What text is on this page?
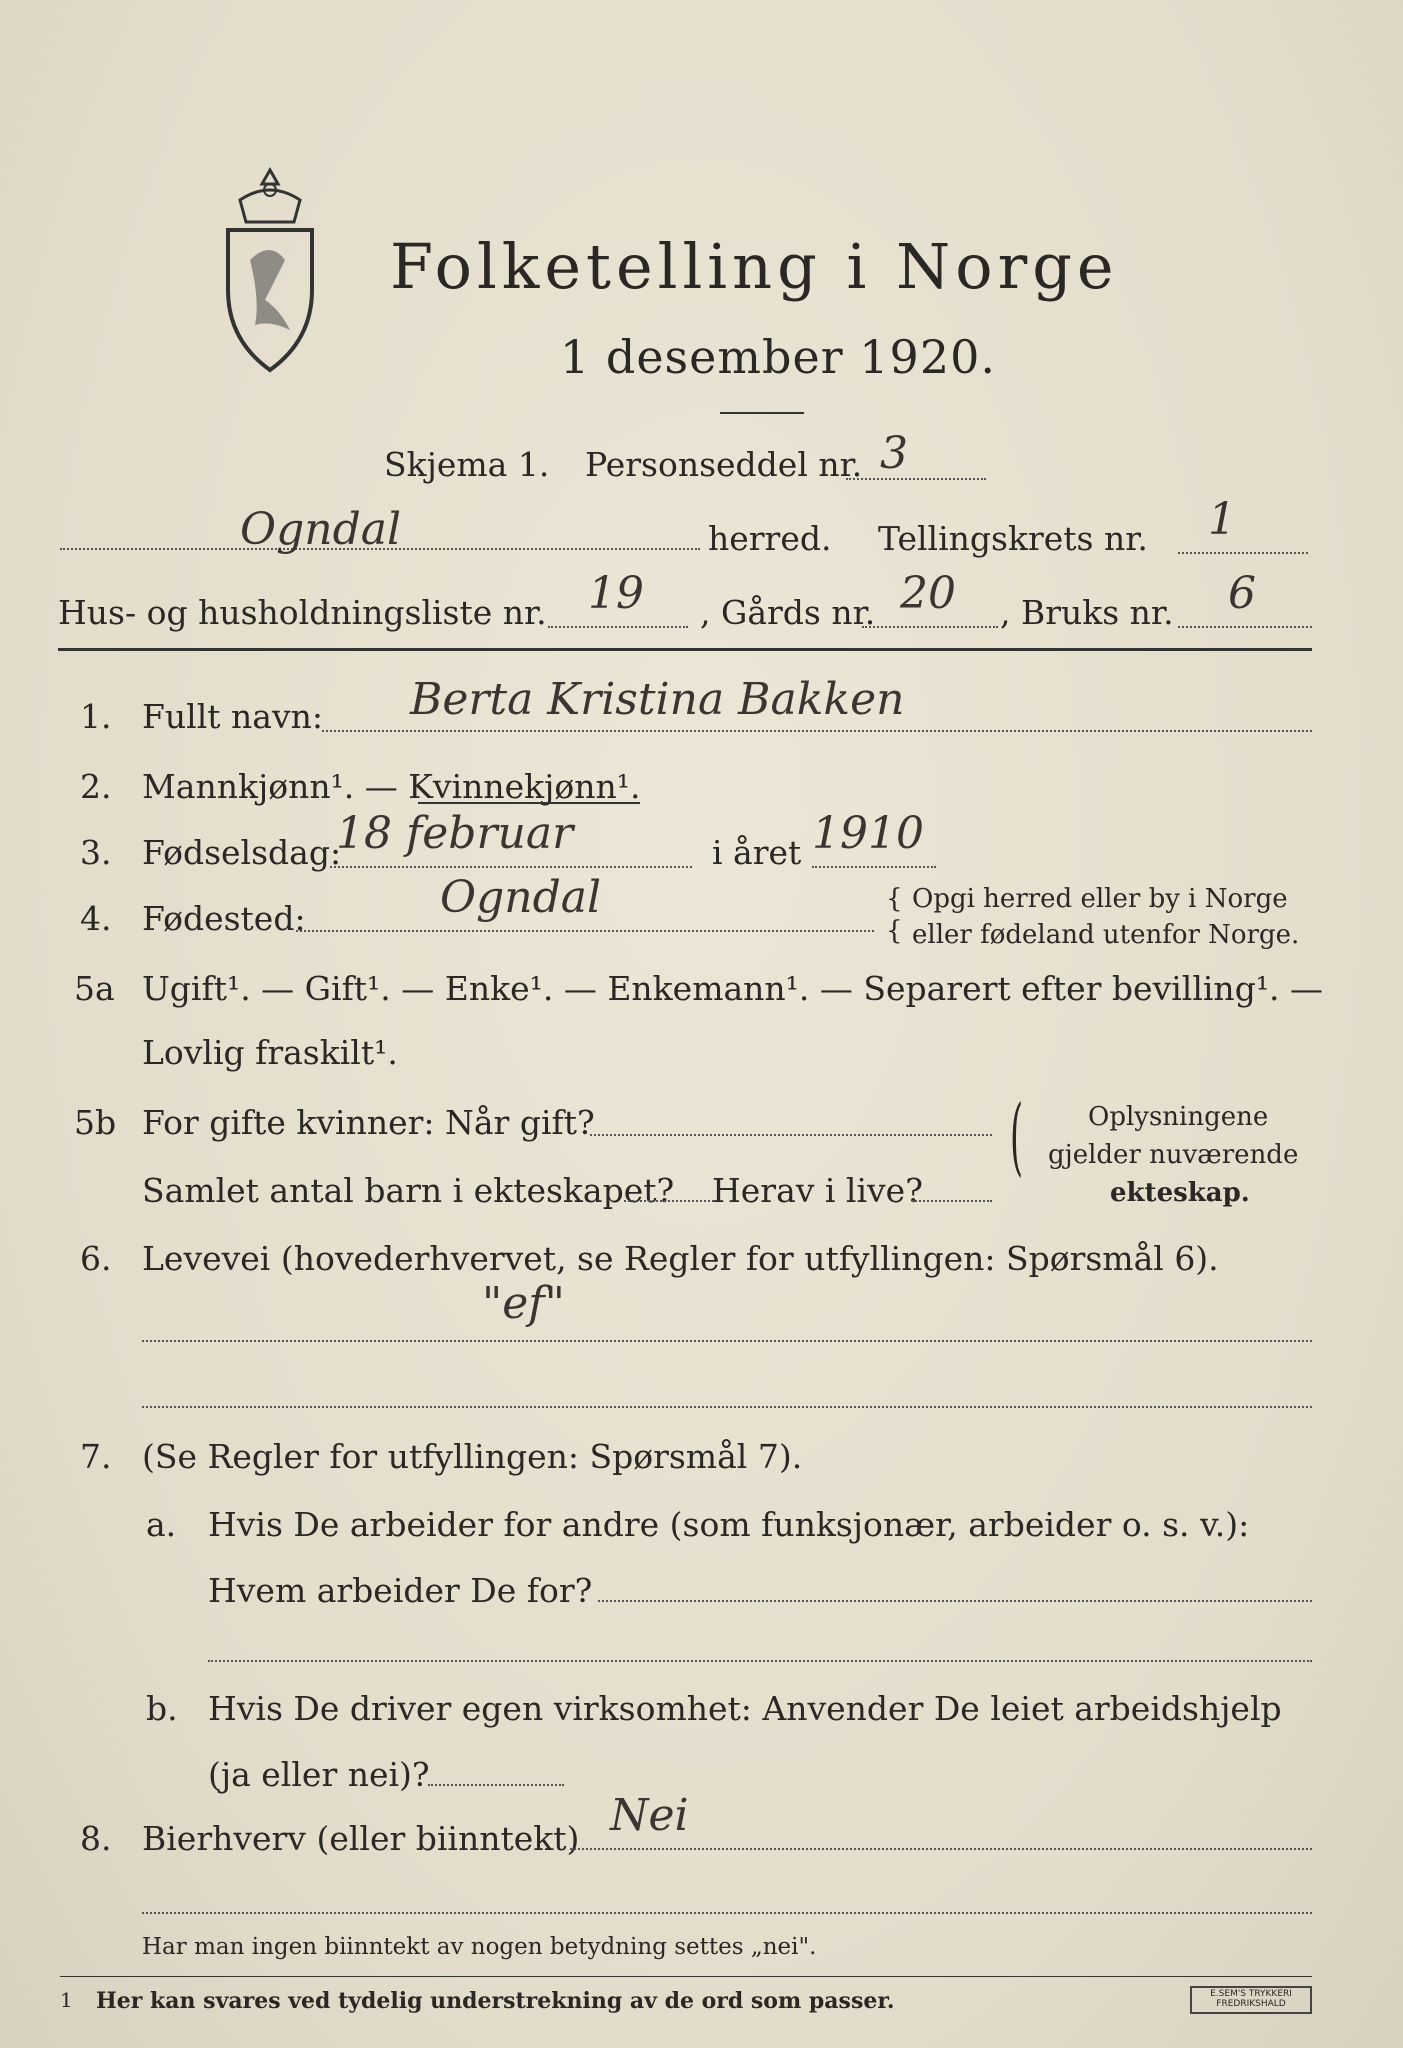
Folketelling i Norge
1 desember 1920.
Skjema 1. Personseddel nr. 3
Ogndal	herred. Tellingskrets nr. 1
Hus- og husholdningsliste nr. 19 , Gårds nr. 20 , Bruks nr. 6
1. Fullt navn: Berta Kristina Bakken
2. Mannkjønn¹. — Kvinnekjønn¹.
3. Fødselsdag:
18 februar	i året 1910
4. Fødested:	Ogndal	{
{
Opgi herred eller by i Norge
eller fødeland utenfor Norge.
5a Ugift¹. — Gift¹. — Enke¹. — Enkemann¹. — Separert efter bevilling¹. —
Lovlig fraskilt¹.
5b For gifte kvinner: Når gift?
Samlet antal barn i ekteskapet? Herav i live?
( Oplysningene
gjelder nuværende
ekteskap.
6. Levevei (hovederhvervet, se Regler for utfyllingen: Spørsmål 6).
"ef"
7. (Se Regler for utfyllingen: Spørsmål 7).
a. Hvis De arbeider for andre (som funksjonær, arbeider o. s. v.):
Hvem arbeider De for?
b. Hvis De driver egen virksomhet: Anvender De leiet arbeidshjelp
(ja eller nei)?
8. Bierhverv (eller biinntekt) Nei
Har man ingen biinntekt av nogen betydning settes „nei".
1 Her kan svares ved tydelig understrekning av de ord som passer.	E.SEM'S TRYKKERI
FREDRIKSHALD
